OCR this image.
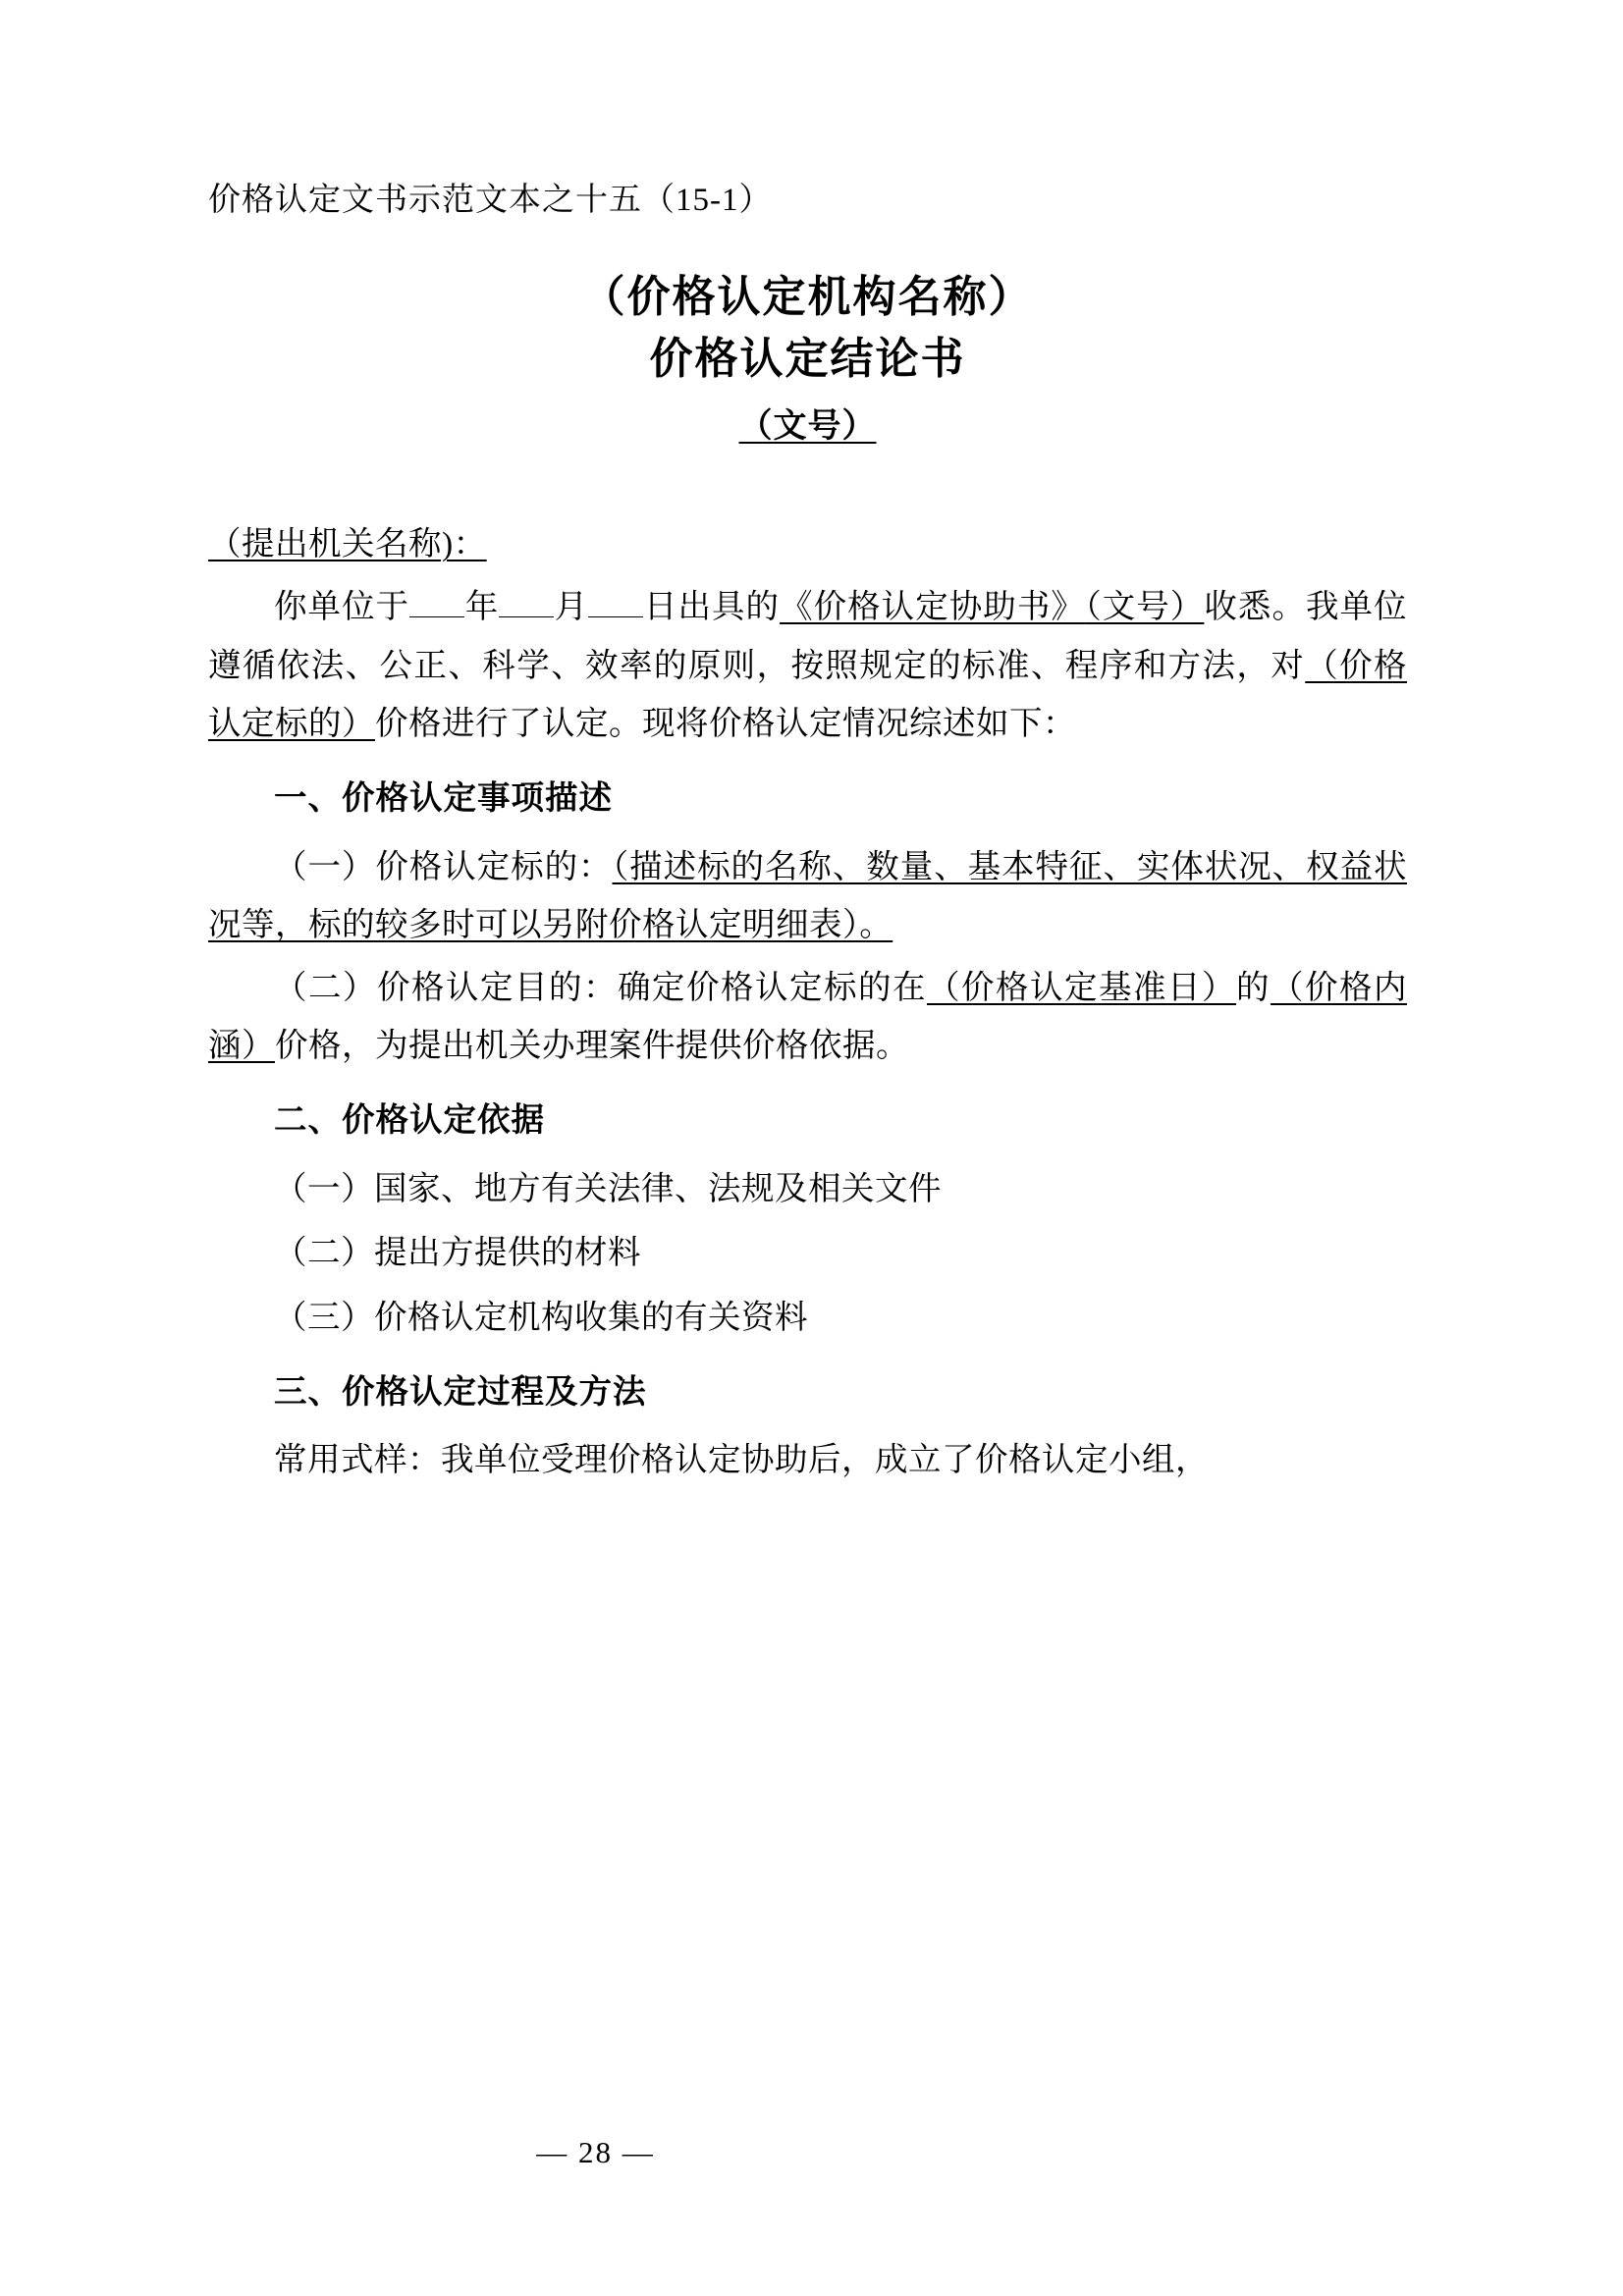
价格认定文书示范文本之十五（15-1）
（价格认定机构名称）
价格认定结论书
（文号）

（提出机关名称)：

你单位于 年 月 日出具的《价格认定协助书》（文号）收悉。我单位遵循依法、公正、科学、效率的原则，按照规定的标准、程序和方法，对（价格认定标的）价格进行了认定。现将价格认定情况综述如下：

一、价格认定事项描述

（一）价格认定标的：（描述标的名称、数量、基本特征、实体状况、权益状况等，标的较多时可以另附价格认定明细表）。

（二）价格认定目的：确定价格认定标的在（价格认定基准日）的（价格内涵）价格，为提出机关办理案件提供价格依据。

二、价格认定依据

（一）国家、地方有关法律、法规及相关文件

（二）提出方提供的材料

（三）价格认定机构收集的有关资料

三、价格认定过程及方法

常用式样：我单位受理价格认定协助后，成立了价格认定小组，

— 28 —
